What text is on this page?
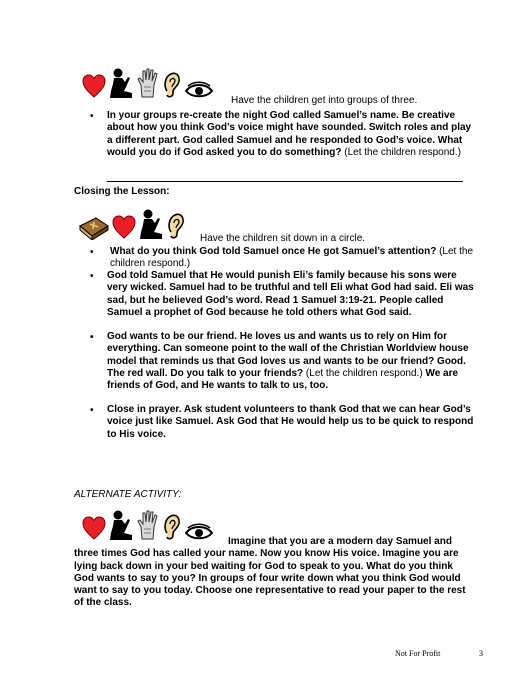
Have the children get into groups of three.
• In your groups re-create the night God called Samuel’s name. Be creative about how you think God’s voice might have sounded. Switch roles and play a different part. God called Samuel and he responded to God’s voice. What would you do if God asked you to do something? (Let the children respond.)
Closing the Lesson:
Have the children sit down in a circle.
• What do you think God told Samuel once He got Samuel’s attention? (Let the children respond.)
• God told Samuel that He would punish Eli’s family because his sons were very wicked. Samuel had to be truthful and tell Eli what God had said. Eli was sad, but he believed God’s word. Read 1 Samuel 3:19-21. People called Samuel a prophet of God because he told others what God said.
• God wants to be our friend. He loves us and wants us to rely on Him for everything. Can someone point to the wall of the Christian Worldview house model that reminds us that God loves us and wants to be our friend? Good. The red wall. Do you talk to your friends? (Let the children respond.) We are friends of God, and He wants to talk to us, too.
• Close in prayer. Ask student volunteers to thank God that we can hear God’s voice just like Samuel. Ask God that He would help us to be quick to respond to His voice.
ALTERNATE ACTIVITY:
Imagine that you are a modern day Samuel and three times God has called your name. Now you know His voice. Imagine you are lying back down in your bed waiting for God to speak to you. What do you think God wants to say to you? In groups of four write down what you think God would want to say to you today. Choose one representative to read your paper to the rest of the class.
Not For Profit	3
